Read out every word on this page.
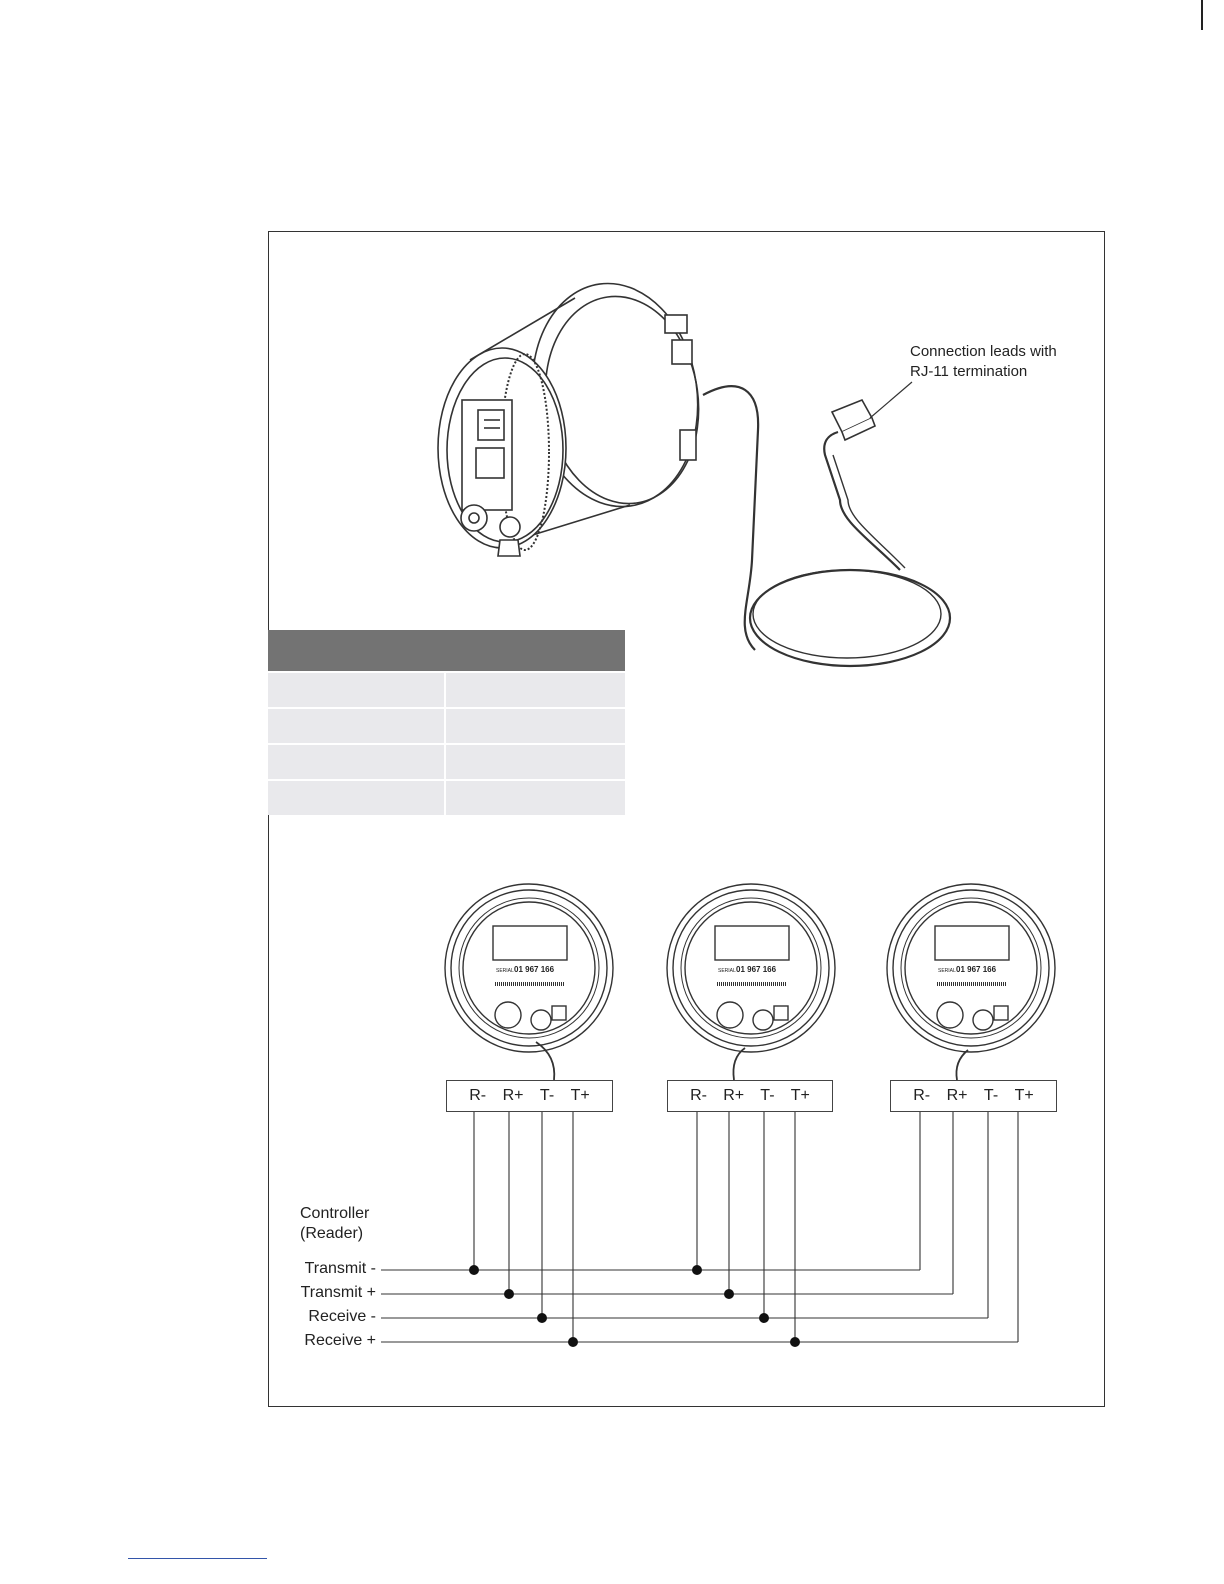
SERIAL 01 967 166	SERIAL 01 967 166	SERIAL 01 967 166
Connection leads with
RJ-11 termination

R- R+ T- T+	R- R+ T- T+	R- R+ T- T+
Controller
(Reader)
Transmit -
Transmit +
Receive -
Receive +
